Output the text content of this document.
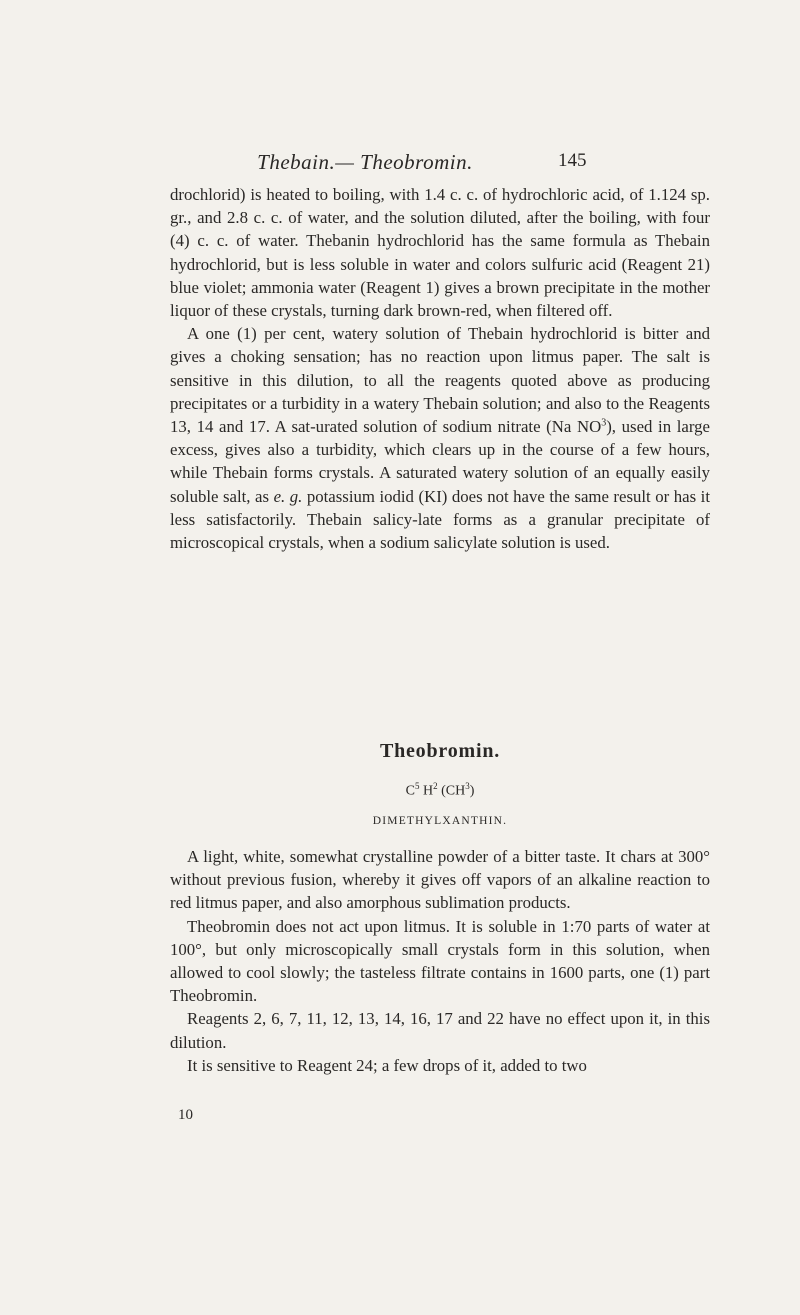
Thebain.— Theobromin.	145

drochlorid) is heated to boiling, with 1.4 c. c. of hydrochloric acid, of 1.124 sp. gr., and 2.8 c. c. of water, and the solution diluted, after the boiling, with four (4) c. c. of water. Thebanin hydrochlorid has the same formula as Thebain hydrochlorid, but is less soluble in water and colors sulfuric acid (Reagent 21) blue violet; ammonia water (Reagent 1) gives a brown precipitate in the mother liquor of these crystals, turning dark brown-red, when filtered off.

A one (1) per cent, watery solution of Thebain hydrochlorid is bitter and gives a choking sensation; has no reaction upon litmus paper. The salt is sensitive in this dilution, to all the reagents quoted above as producing precipitates or a turbidity in a watery Thebain solution; and also to the Reagents 13, 14 and 17. A sat-urated solution of sodium nitrate (Na $NO^3$), used in large excess, gives also a turbidity, which clears up in the course of a few hours, while Thebain forms crystals. A saturated watery solution of an equally easily soluble salt, as e. g. potassium iodid (KI) does not have the same result or has it less satisfactorily. Thebain salicy-late forms as a granular precipitate of microscopical crystals, when a sodium salicylate solution is used.

Theobromin.
$C^5$ $H^2$ $(CH^3)$
DIMETHYLXANTHIN.

A light, white, somewhat crystalline powder of a bitter taste. It chars at 300° without previous fusion, whereby it gives off vapors of an alkaline reaction to red litmus paper, and also amorphous sublimation products.

Theobromin does not act upon litmus. It is soluble in 1:70 parts of water at 100°, but only microscopically small crystals form in this solution, when allowed to cool slowly; the tasteless filtrate contains in 1600 parts, one (1) part Theobromin.

Reagents 2, 6, 7, 11, 12, 13, 14, 16, 17 and 22 have no effect upon it, in this dilution.

It is sensitive to Reagent 24; a few drops of it, added to two

10
